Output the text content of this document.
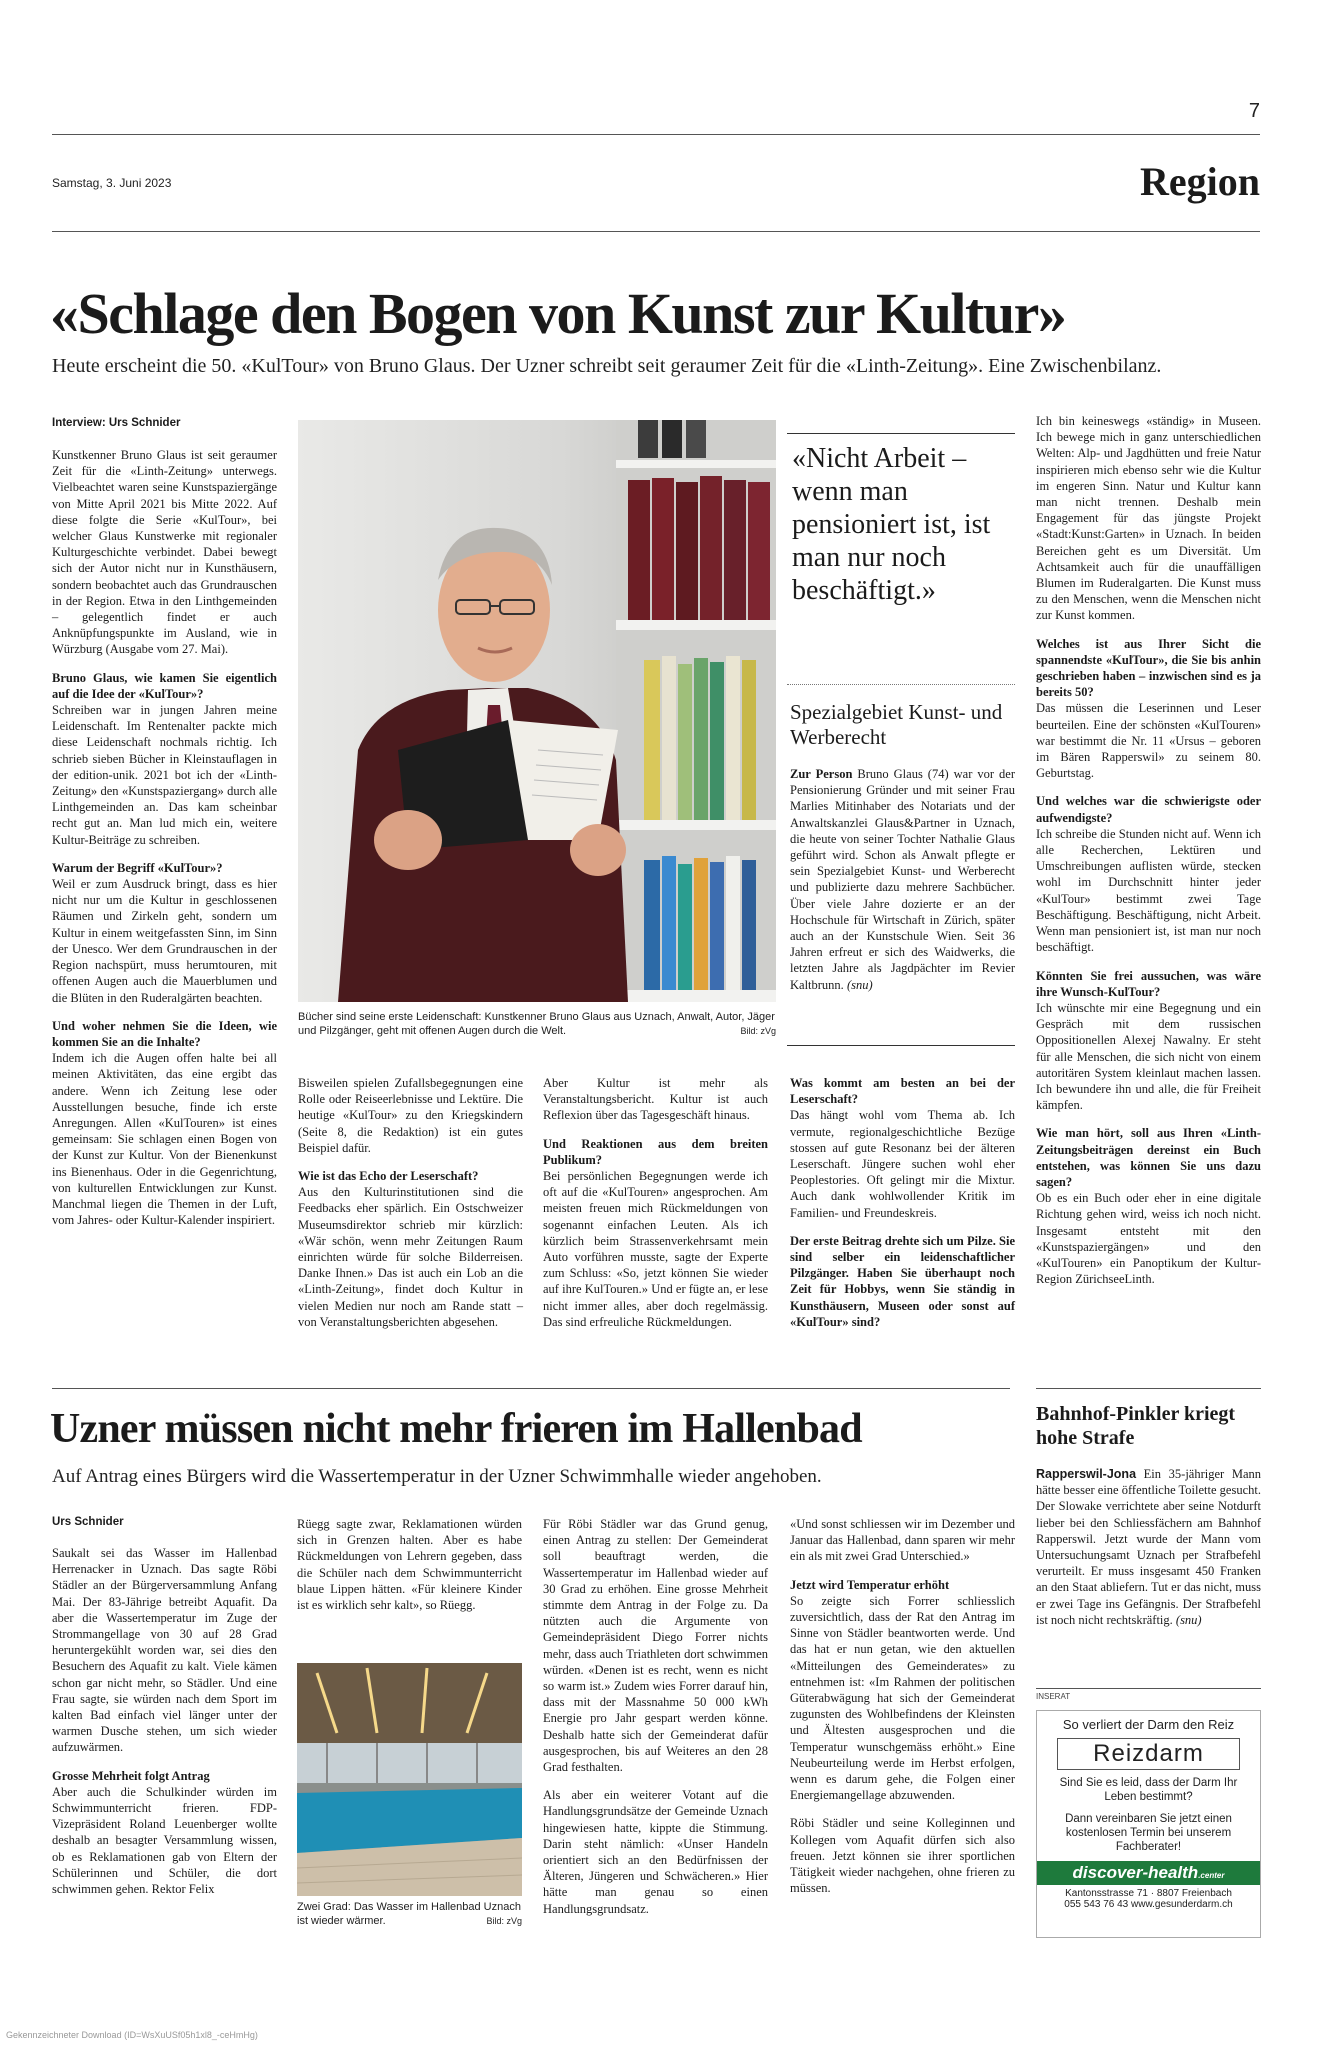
7
Samstag, 3. Juni 2023	Region
«Schlage den Bogen von Kunst zur Kultur»
Heute erscheint die 50. «KulTour» von Bruno Glaus. Der Uzner schreibt seit geraumer Zeit für die «Linth-Zeitung». Eine Zwischenbilanz.
Interview: Urs Schnider

Kunstkenner Bruno Glaus ist seit geraumer Zeit für die «Linth-Zeitung» unterwegs. Vielbeachtet waren seine Kunstspaziergänge von Mitte April 2021 bis Mitte 2022. Auf diese folgte die Serie «KulTour», bei welcher Glaus Kunstwerke mit regionaler Kulturgeschichte verbindet. Dabei bewegt sich der Autor nicht nur in Kunsthäusern, sondern beobachtet auch das Grundrauschen in der Region. Etwa in den Linthgemeinden – gelegentlich findet er auch Anknüpfungspunkte im Ausland, wie in Würzburg (Ausgabe vom 27. Mai).

Bruno Glaus, wie kamen Sie eigentlich auf die Idee der «KulTour»?

Schreiben war in jungen Jahren meine Leidenschaft. Im Rentenalter packte mich diese Leidenschaft nochmals richtig. Ich schrieb sieben Bücher in Kleinstauflagen in der edition-unik. 2021 bot ich der «Linth-Zeitung» den «Kunstspaziergang» durch alle Linthgemeinden an. Das kam scheinbar recht gut an. Man lud mich ein, weitere Kultur-Beiträge zu schreiben.

Warum der Begriff «KulTour»?

Weil er zum Ausdruck bringt, dass es hier nicht nur um die Kultur in geschlossenen Räumen und Zirkeln geht, sondern um Kultur in einem weitgefassten Sinn, im Sinn der Unesco. Wer dem Grundrauschen in der Region nachspürt, muss herumtouren, mit offenen Augen auch die Mauerblumen und die Blüten in den Ruderalgärten beachten.

Und woher nehmen Sie die Ideen, wie kommen Sie an die Inhalte?

Indem ich die Augen offen halte bei all meinen Aktivitäten, das eine ergibt das andere. Wenn ich Zeitung lese oder Ausstellungen besuche, finde ich erste Anregungen. Allen «KulTouren» ist eines gemeinsam: Sie schlagen einen Bogen von der Kunst zur Kultur. Von der Bienenkunst ins Bienenhaus. Oder in die Gegenrichtung, von kulturellen Entwicklungen zur Kunst. Manchmal liegen die Themen in der Luft, vom Jahres- oder Kultur-Kalender inspiriert.

Bücher sind seine erste Leidenschaft: Kunstkenner Bruno Glaus aus Uznach, Anwalt, Autor, Jäger und Pilzgänger, geht mit offenen Augen durch die Welt.	Bild: zVg

Bisweilen spielen Zufallsbegegnungen eine Rolle oder Reiseerlebnisse und Lektüre. Die heutige «KulTour» zu den Kriegskindern (Seite 8, die Redaktion) ist ein gutes Beispiel dafür.

Wie ist das Echo der Leserschaft?

Aus den Kulturinstitutionen sind die Feedbacks eher spärlich. Ein Ostschweizer Museumsdirektor schrieb mir kürzlich: «Wär schön, wenn mehr Zeitungen Raum einrichten würde für solche Bilderreisen. Danke Ihnen.» Das ist auch ein Lob an die «Linth-Zeitung», findet doch Kultur in vielen Medien nur noch am Rande statt – von Veranstaltungsberichten abgesehen.

Aber Kultur ist mehr als Veranstaltungsbericht. Kultur ist auch Reflexion über das Tagesgeschäft hinaus.

Und Reaktionen aus dem breiten Publikum?

Bei persönlichen Begegnungen werde ich oft auf die «KulTouren» angesprochen. Am meisten freuen mich Rückmeldungen von sogenannt einfachen Leuten. Als ich kürzlich beim Strassenverkehrsamt mein Auto vorführen musste, sagte der Experte zum Schluss: «So, jetzt können Sie wieder auf ihre KulTouren.» Und er fügte an, er lese nicht immer alles, aber doch regelmässig. Das sind erfreuliche Rückmeldungen.

«Nicht Arbeit – wenn man pensioniert ist, ist man nur noch beschäftigt.»
Spezialgebiet Kunst- und Werberecht
Zur Person Bruno Glaus (74) war vor der Pensionierung Gründer und mit seiner Frau Marlies Mitinhaber des Notariats und der Anwaltskanzlei Glaus&Partner in Uznach, die heute von seiner Tochter Nathalie Glaus geführt wird. Schon als Anwalt pflegte er sein Spezialgebiet Kunst- und Werberecht und publizierte dazu mehrere Sachbücher. Über viele Jahre dozierte er an der Hochschule für Wirtschaft in Zürich, später auch an der Kunstschule Wien. Seit 36 Jahren erfreut er sich des Waidwerks, die letzten Jahre als Jagdpächter im Revier Kaltbrunn. (snu)

Was kommt am besten an bei der Leserschaft?

Das hängt wohl vom Thema ab. Ich vermute, regionalgeschichtliche Bezüge stossen auf gute Resonanz bei der älteren Leserschaft. Jüngere suchen wohl eher Peoplestories. Oft gelingt mir die Mixtur. Auch dank wohlwollender Kritik im Familien- und Freundeskreis.

Der erste Beitrag drehte sich um Pilze. Sie sind selber ein leidenschaftlicher Pilzgänger. Haben Sie überhaupt noch Zeit für Hobbys, wenn Sie ständig in Kunsthäusern, Museen oder sonst auf «KulTour» sind?

Ich bin keineswegs «ständig» in Museen. Ich bewege mich in ganz unterschiedlichen Welten: Alp- und Jagdhütten und freie Natur inspirieren mich ebenso sehr wie die Kultur im engeren Sinn. Natur und Kultur kann man nicht trennen. Deshalb mein Engagement für das jüngste Projekt «Stadt:Kunst:Garten» in Uznach. In beiden Bereichen geht es um Diversität. Um Achtsamkeit auch für die unauffälligen Blumen im Ruderalgarten. Die Kunst muss zu den Menschen, wenn die Menschen nicht zur Kunst kommen.

Welches ist aus Ihrer Sicht die spannendste «KulTour», die Sie bis anhin geschrieben haben – inzwischen sind es ja bereits 50?

Das müssen die Leserinnen und Leser beurteilen. Eine der schönsten «KulTouren» war bestimmt die Nr. 11 «Ursus – geboren im Bären Rapperswil» zu seinem 80. Geburtstag.

Und welches war die schwierigste oder aufwendigste?

Ich schreibe die Stunden nicht auf. Wenn ich alle Recherchen, Lektüren und Umschreibungen auflisten würde, stecken wohl im Durchschnitt hinter jeder «KulTour» bestimmt zwei Tage Beschäftigung. Beschäftigung, nicht Arbeit. Wenn man pensioniert ist, ist man nur noch beschäftigt.

Könnten Sie frei aussuchen, was wäre ihre Wunsch-KulTour?

Ich wünschte mir eine Begegnung und ein Gespräch mit dem russischen Oppositionellen Alexej Nawalny. Er steht für alle Menschen, die sich nicht von einem autoritären System kleinlaut machen lassen. Ich bewundere ihn und alle, die für Freiheit kämpfen.

Wie man hört, soll aus Ihren «Linth-Zeitungsbeiträgen dereinst ein Buch entstehen, was können Sie uns dazu sagen?

Ob es ein Buch oder eher in eine digitale Richtung gehen wird, weiss ich noch nicht. Insgesamt entsteht mit den «Kunstspaziergängen» und den «KulTouren» ein Panoptikum der Kultur-Region ZürichseeLinth.

Uzner müssen nicht mehr frieren im Hallenbad
Auf Antrag eines Bürgers wird die Wassertemperatur in der Uzner Schwimmhalle wieder angehoben.
Urs Schnider

Saukalt sei das Wasser im Hallenbad Herrenacker in Uznach. Das sagte Röbi Städler an der Bürgerversammlung Anfang Mai. Der 83-Jährige betreibt Aquafit. Da aber die Wassertemperatur im Zuge der Strommangellage von 30 auf 28 Grad heruntergekühlt worden war, sei dies den Besuchern des Aquafit zu kalt. Viele kämen schon gar nicht mehr, so Städler. Und eine Frau sagte, sie würden nach dem Sport im kalten Bad einfach viel länger unter der warmen Dusche stehen, um sich wieder aufzuwärmen.

Grosse Mehrheit folgt Antrag

Aber auch die Schulkinder würden im Schwimmunterricht frieren. FDP-Vizepräsident Roland Leuenberger wollte deshalb an besagter Versammlung wissen, ob es Reklamationen gab von Eltern der Schülerinnen und Schüler, die dort schwimmen gehen. Rektor Felix

Rüegg sagte zwar, Reklamationen würden sich in Grenzen halten. Aber es habe Rückmeldungen von Lehrern gegeben, dass die Schüler nach dem Schwimmunterricht blaue Lippen hätten. «Für kleinere Kinder ist es wirklich sehr kalt», so Rüegg.

Zwei Grad: Das Wasser im Hallenbad Uznach ist wieder wärmer.	Bild: zVg

Für Röbi Städler war das Grund genug, einen Antrag zu stellen: Der Gemeinderat soll beauftragt werden, die Wassertemperatur im Hallenbad wieder auf 30 Grad zu erhöhen. Eine grosse Mehrheit stimmte dem Antrag in der Folge zu. Da nützten auch die Argumente von Gemeindepräsident Diego Forrer nichts mehr, dass auch Triathleten dort schwimmen würden. «Denen ist es recht, wenn es nicht so warm ist.» Zudem wies Forrer darauf hin, dass mit der Massnahme 50 000 kWh Energie pro Jahr gespart werden könne. Deshalb hatte sich der Gemeinderat dafür ausgesprochen, bis auf Weiteres an den 28 Grad festhalten.

Als aber ein weiterer Votant auf die Handlungsgrundsätze der Gemeinde Uznach hingewiesen hatte, kippte die Stimmung. Darin steht nämlich: «Unser Handeln orientiert sich an den Bedürfnissen der Älteren, Jüngeren und Schwächeren.» Hier hätte man genau so einen Handlungsgrundsatz.

«Und sonst schliessen wir im Dezember und Januar das Hallenbad, dann sparen wir mehr ein als mit zwei Grad Unterschied.»

Jetzt wird Temperatur erhöht

So zeigte sich Forrer schliesslich zuversichtlich, dass der Rat den Antrag im Sinne von Städler beantworten werde. Und das hat er nun getan, wie den aktuellen «Mitteilungen des Gemeinderates» zu entnehmen ist: «Im Rahmen der politischen Güterabwägung hat sich der Gemeinderat zugunsten des Wohlbefindens der Kleinsten und Ältesten ausgesprochen und die Temperatur wunschgemäss erhöht.» Eine Neubeurteilung werde im Herbst erfolgen, wenn es darum gehe, die Folgen einer Energiemangellage abzuwenden.

Röbi Städler und seine Kolleginnen und Kollegen vom Aquafit dürfen sich also freuen. Jetzt können sie ihrer sportlichen Tätigkeit wieder nachgehen, ohne frieren zu müssen.

Bahnhof-Pinkler kriegt hohe Strafe
Rapperswil-Jona Ein 35-jähriger Mann hätte besser eine öffentliche Toilette gesucht. Der Slowake verrichtete aber seine Notdurft lieber bei den Schliessfächern am Bahnhof Rapperswil. Jetzt wurde der Mann vom Untersuchungsamt Uznach per Strafbefehl verurteilt. Er muss insgesamt 450 Franken an den Staat abliefern. Tut er das nicht, muss er zwei Tage ins Gefängnis. Der Strafbefehl ist noch nicht rechtskräftig. (snu)
INSERAT
So verliert der Darm den Reiz
Reizdarm
Sind Sie es leid, dass der Darm Ihr Leben bestimmt?
Dann vereinbaren Sie jetzt einen kostenlosen Termin bei unserem Fachberater!
discover-health.center
Kantonsstrasse 71 · 8807 Freienbach
055 543 76 43 www.gesunderdarm.ch
Gekennzeichneter Download (ID=WsXuUSf05h1xl8_-ceHmHg)
